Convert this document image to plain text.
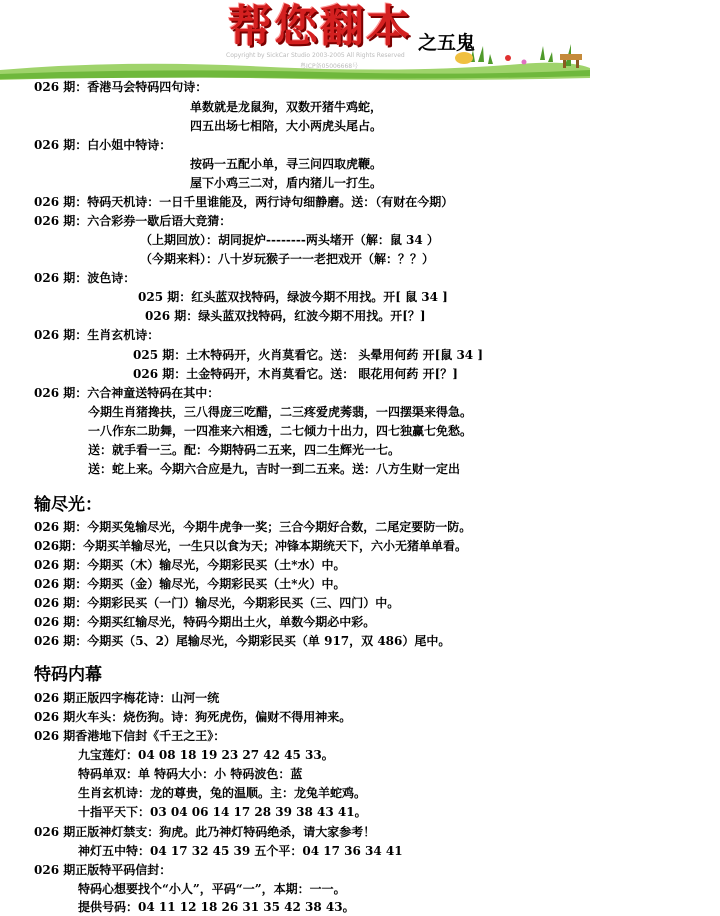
帮您翻本 之五鬼
Copyright by SickCar Studio 2003-2005 All Rights Reserved
粤ICP备05006668号
026 期：香港马会特码四句诗：
单数就是龙鼠狗，双数开猪牛鸡蛇，
四五出场七相陪，大小两虎头尾占。
026 期：白小姐中特诗：
按码一五配小单，寻三问四取虎鞭。
屋下小鸡三二对，盾内猪儿一打生。
026 期：特码天机诗：一日千里谁能及，两行诗句细静磨。送：（有财在今期）
026 期：六合彩券一歇后语大竞猜：
（上期回放）：胡同捉炉--------两头堵开（解：鼠 34 ）
（今期来料）：八十岁玩猴子一一老把戏开（解：？？）
026 期：波色诗：
025 期：红头蓝双找特码，绿波今期不用找。开[ 鼠 34 ]
026 期：绿头蓝双找特码，红波今期不用找。开[？]
026 期：生肖玄机诗：
025 期：土木特码开，火肖莫看它。送： 头晕用何药 开[鼠 34 ]
026 期：土金特码开，木肖莫看它。送： 眼花用何药 开[？]
026 期：六合神童送特码在其中：
今期生肖猪搀扶，三八得庞三吃醋，二三疼爱虎莠翡，一四摆渠来得急。
一八作东二助舞，一四准来六相透，二七倾力十出力，四七独赢七免愁。
送：就手看一三。配：今期特码二五来，四二生辉光一七。
送：蛇上来。今期六合应是九，吉时一到二五来。送：八方生财一定出
输尽光：
026 期：今期买兔输尽光，今期牛虎争一奖；三合今期好合数，二尾定要防一防。
026期：今期买羊输尽光，一生只以食为天；冲锋本期统天下，六小无猪单单看。
026 期：今期买（木）输尽光，今期彩民买（土*水）中。
026 期：今期买（金）输尽光，今期彩民买（土*火）中。
026 期：今期彩民买（一门）输尽光，今期彩民买（三、四门）中。
026 期：今期买红输尽光，特码今期出土火，单数今期必中彩。
026 期：今期买（5、2）尾输尽光，今期彩民买（单 917，双 486）尾中。
特码内幕
026 期正版四字梅花诗：山河一统
026 期火车头：烧伤狗。诗：狗死虎伤，偏财不得用神来。
026 期香港地下信封《千王之王》：
九宝莲灯：04 08 18 19 23 27 42 45 33。
特码单双：单 特码大小：小 特码波色：蓝
生肖玄机诗：龙的尊贵，兔的温顺。主：龙兔羊蛇鸡。
十指平天下：03 04 06 14 17 28 39 38 43 41。
026 期正版神灯禁支：狗虎。此乃神灯特码绝杀，请大家参考！
神灯五中特：04 17 32 45 39 五个平：04 17 36 34 41
026 期正版特平码信封：
特码心想要找个“小人”，平码“一”，本期：一一。
提供号码：04 11 12 18 26 31 35 42 38 43。
